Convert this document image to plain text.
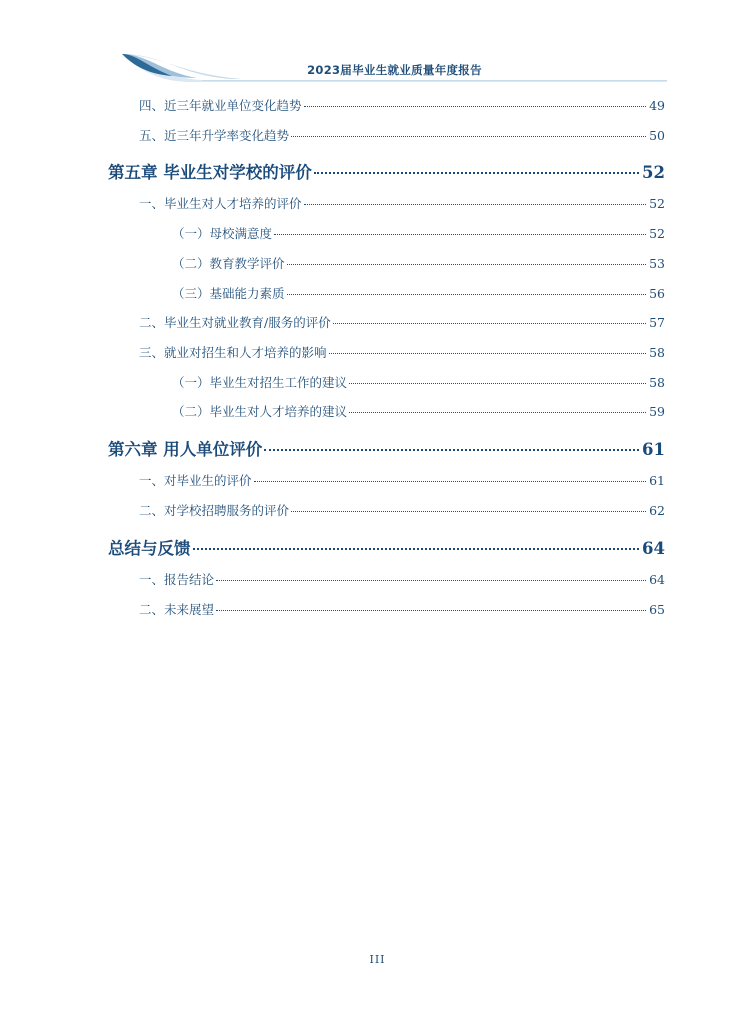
2023届毕业生就业质量年度报告
四、近三年就业单位变化趋势	49
五、近三年升学率变化趋势	50
第五章 毕业生对学校的评价	52
一、毕业生对人才培养的评价	52
（一）母校满意度	52
（二）教育教学评价	53
（三）基础能力素质	56
二、毕业生对就业教育/服务的评价	57
三、就业对招生和人才培养的影响	58
（一）毕业生对招生工作的建议	58
（二）毕业生对人才培养的建议	59
第六章 用人单位评价	61
一、对毕业生的评价	61
二、对学校招聘服务的评价	62
总结与反馈	64
一、报告结论	64
二、未来展望	65
III
